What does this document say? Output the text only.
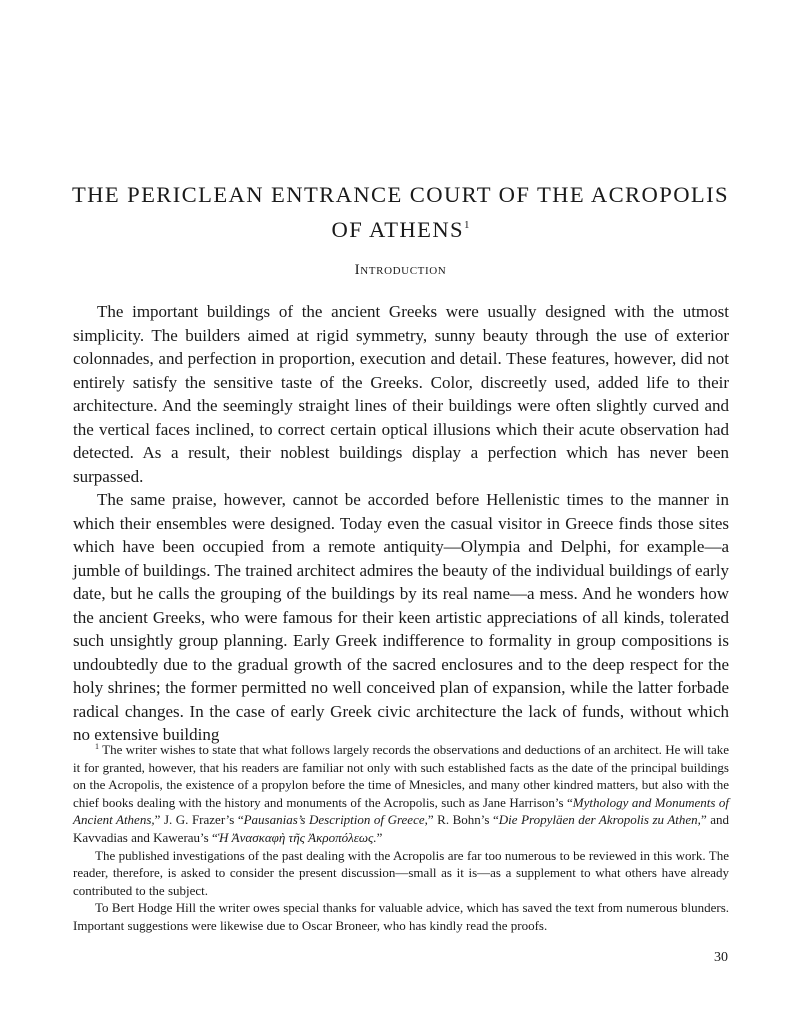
THE PERICLEAN ENTRANCE COURT OF THE ACROPOLIS
OF ATHENS$^1$
Introduction

The important buildings of the ancient Greeks were usually designed with the utmost simplicity. The builders aimed at rigid symmetry, sunny beauty through the use of exterior colonnades, and perfection in proportion, execution and detail. These features, however, did not entirely satisfy the sensitive taste of the Greeks. Color, discreetly used, added life to their architecture. And the seemingly straight lines of their buildings were often slightly curved and the vertical faces inclined, to correct certain optical illusions which their acute observation had detected. As a result, their noblest buildings display a perfection which has never been surpassed.

The same praise, however, cannot be accorded before Hellenistic times to the manner in which their ensembles were designed. Today even the casual visitor in Greece finds those sites which have been occupied from a remote antiquity—Olympia and Delphi, for example—a jumble of buildings. The trained architect admires the beauty of the individual buildings of early date, but he calls the grouping of the buildings by its real name—a mess. And he wonders how the ancient Greeks, who were famous for their keen artistic appreciations of all kinds, tolerated such unsightly group planning. Early Greek indifference to formality in group compositions is undoubtedly due to the gradual growth of the sacred enclosures and to the deep respect for the holy shrines; the former permitted no well conceived plan of expansion, while the latter forbade radical changes. In the case of early Greek civic architecture the lack of funds, without which no extensive building

$^1$ The writer wishes to state that what follows largely records the observations and deductions of an architect. He will take it for granted, however, that his readers are familiar not only with such established facts as the date of the principal buildings on the Acropolis, the existence of a propylon before the time of Mnesicles, and many other kindred matters, but also with the chief books dealing with the history and monuments of the Acropolis, such as Jane Harrison’s “Mythology and Monuments of Ancient Athens,” J. G. Frazer’s “Pausanias’s Description of Greece,” R. Bohn’s “Die Propyläen der Akropolis zu Athen,” and Kavvadias and Kawerau’s “Ἡ Ἀνασκαφὴ τῆς Ἀκροπόλεως.”

The published investigations of the past dealing with the Acropolis are far too numerous to be reviewed in this work. The reader, therefore, is asked to consider the present discussion—small as it is—as a supplement to what others have already contributed to the subject.

To Bert Hodge Hill the writer owes special thanks for valuable advice, which has saved the text from numerous blunders. Important suggestions were likewise due to Oscar Broneer, who has kindly read the proofs.

30
